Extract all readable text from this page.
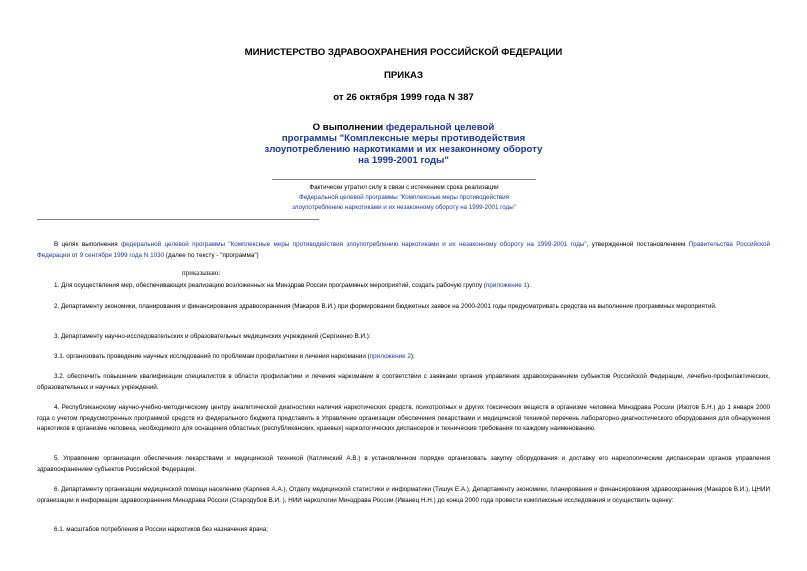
МИНИСТЕРСТВО ЗДРАВООХРАНЕНИЯ РОССИЙСКОЙ ФЕДЕРАЦИИ
ПРИКАЗ
от 26 октября 1999 года N 387
О выполнении федеральной целевой
программы "Комплексные меры противодействия
злоупотреблению наркотиками и их незаконному обороту
на 1999-2001 годы"
Фактически утратил силу в связи с истечением срока реализации
Федеральной целевой программы "Комплексные меры противодействия
злоупотреблению наркотиками и их незаконному обороту на 1999-2001 годы"
В целях выполнения федеральной целевой программы "Комплексные меры противодействия злоупотреблению наркотиками и их незаконному обороту на 1999-2001 годы", утвержденной постановлением Правительства Российской Федерации от 9 сентября 1999 года N 1030 (далее по тексту - "программа")
приказываю:
1. Для осуществления мер, обеспечивающих реализацию возложенных на Минздрав России программных мероприятий, создать рабочую группу (приложение 1).
2. Департаменту экономики, планирования и финансирования здравоохранения (Макаров В.И.) при формировании бюджетных заявок на 2000-2001 годы предусматривать средства на выполнение программных мероприятий.
3. Департаменту научно-исследовательских и образовательных медицинских учреждений (Сергиенко В.И.):
3.1. организовать проведение научных исследований по проблемам профилактики и лечения наркомании (приложение 2);
3.2. обеспечить повышение квалификации специалистов в области профилактики и лечения наркомании в соответствии с заявками органов управления здравоохранением субъектов Российской Федерации, лечебно-профилактических, образовательных и научных учреждений.
4. Республиканскому научно-учебно-методическому центру аналитической диагностики наличия наркотических средств, психотропных и других токсических веществ в организме человека Минздрава России (Изотов Б.Н.) до 1 января 2000 года с учетом предусмотренных программой средств из федерального бюджета представить в Управление организации обеспечения лекарствами и медицинской техникой перечень лабораторно-диагностического оборудования для обнаружения наркотиков в организме человека, необходимого для оснащения областных (республиканских, краевых) наркологических диспансеров и технические требования по каждому наименованию.
5. Управлению организации обеспечения лекарствами и медицинской техникой (Катлинский А.В.) в установленном порядке организовать закупку оборудования и доставку его наркологическим диспансерам органов управления здравоохранением субъектов Российской Федерации.
6. Департаменту организации медицинской помощи населению (Карпеев А.А.), Отделу медицинской статистики и информатики (Тишук Е.А.), Департаменту экономики, планирования и финансирования здравоохранения (Макаров В.И.), ЦНИИ организации и информации здравоохранения Минздрава России (Стародубов В.И. ), НИИ наркологии Минздрава России (Иванец Н.Н.) до конца 2000 года провести комплексные исследования и осуществить оценку:
6.1. масштабов потребления в России наркотиков без назначения врача;
